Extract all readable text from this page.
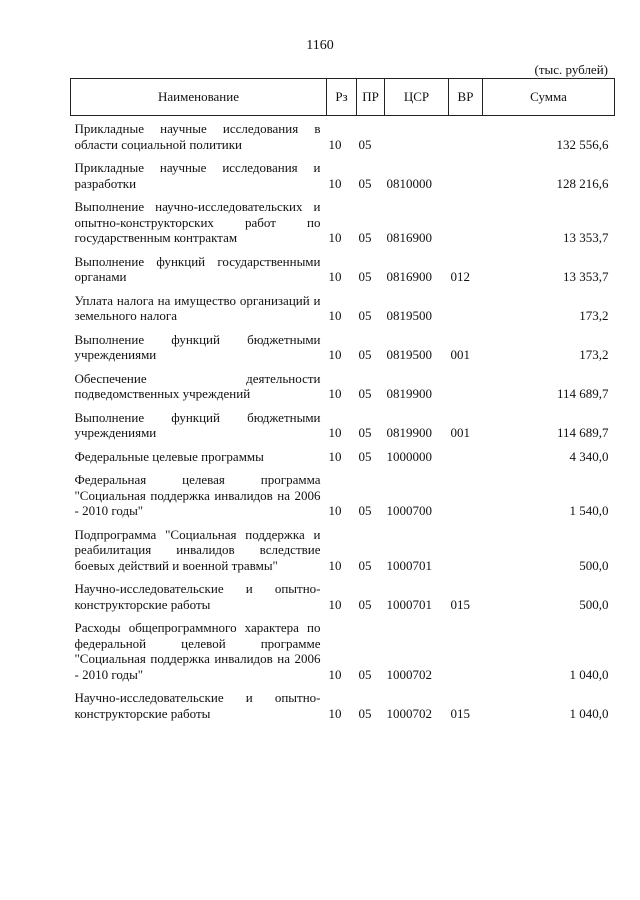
1160
(тыс. рублей)
Наименование	Рз	ПР	ЦСР	ВР	Сумма
Прикладные научные исследования в области социальной политики	10	05			132 556,6
Прикладные научные исследования и разработки	10	05	0810000		128 216,6
Выполнение научно-исследовательских и опытно-конструкторских работ по государственным контрактам	10	05	0816900		13 353,7
Выполнение функций государственными органами	10	05	0816900	012	13 353,7
Уплата налога на имущество организаций и земельного налога	10	05	0819500		173,2
Выполнение функций бюджетными учреждениями	10	05	0819500	001	173,2
Обеспечение деятельности подведомственных учреждений	10	05	0819900		114 689,7
Выполнение функций бюджетными учреждениями	10	05	0819900	001	114 689,7
Федеральные целевые программы	10	05	1000000		4 340,0
Федеральная целевая программа "Социальная поддержка инвалидов на 2006 - 2010 годы"	10	05	1000700		1 540,0
Подпрограмма "Социальная поддержка и реабилитация инвалидов вследствие боевых действий и военной травмы"	10	05	1000701		500,0
Научно-исследовательские и опытно-конструкторские работы	10	05	1000701	015	500,0
Расходы общепрограммного характера по федеральной целевой программе "Социальная поддержка инвалидов на 2006 - 2010 годы"	10	05	1000702		1 040,0
Научно-исследовательские и опытно-конструкторские работы	10	05	1000702	015	1 040,0
